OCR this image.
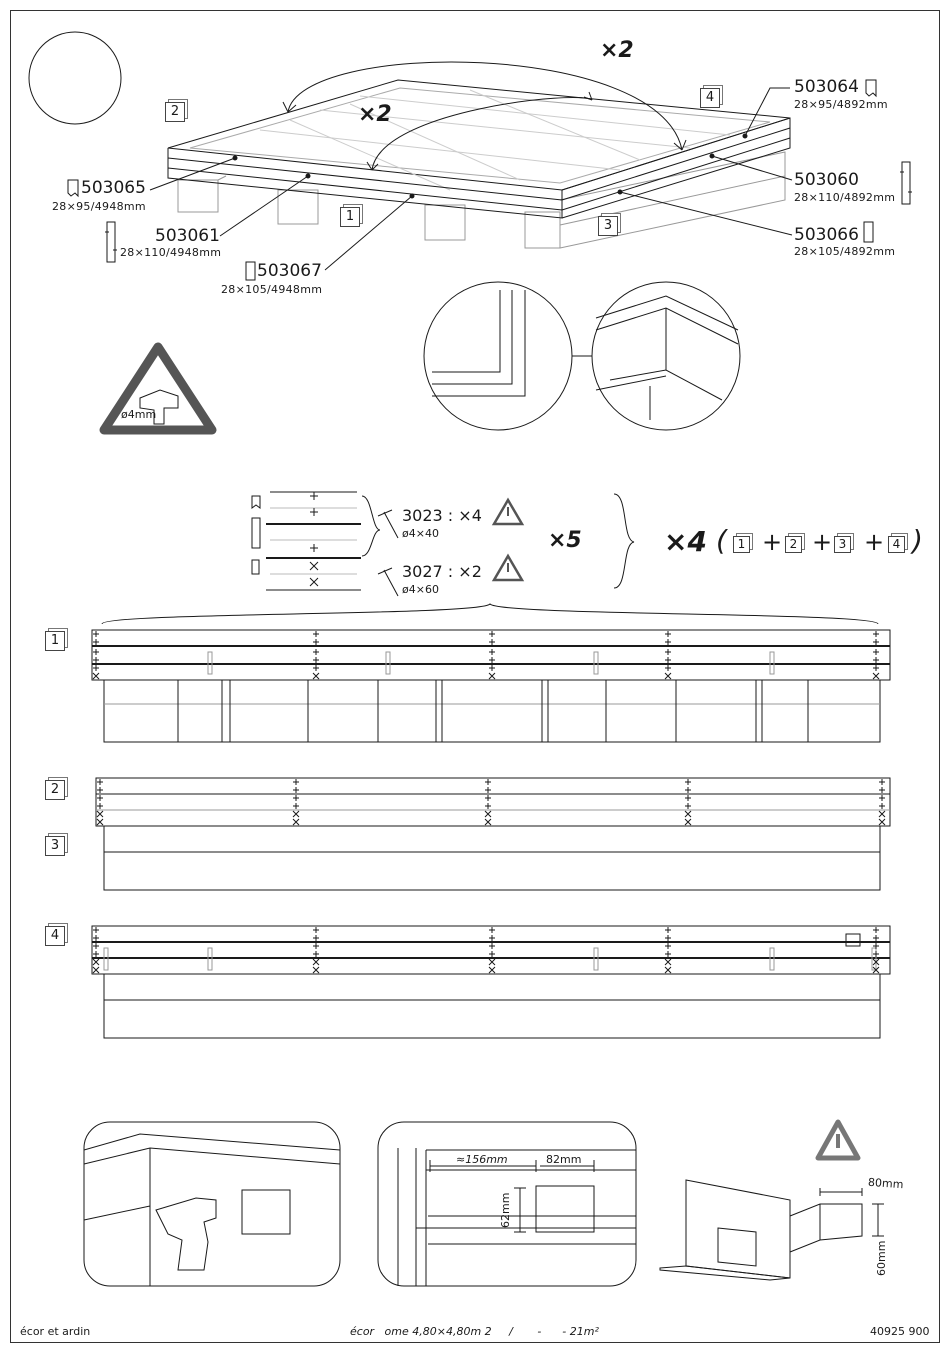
×2
×2
2
4
1
3
503065
28×95/4948mm
503061
28×110/4948mm
503067
28×105/4948mm
503064
28×95/4892mm
503060
28×110/4892mm
503066
28×105/4892mm
ø4mm
3023 : ×4
ø4×40
3027 : ×2
ø4×60
×5	×4 ( 1 + 2 + 3 + 4 )
1
2
3
4
≈156mm	82mm
62mm
80mm
60mm
écor et ardin	écor   ome 4,80×4,80m 2     /       -      - 21m²	40925 900
